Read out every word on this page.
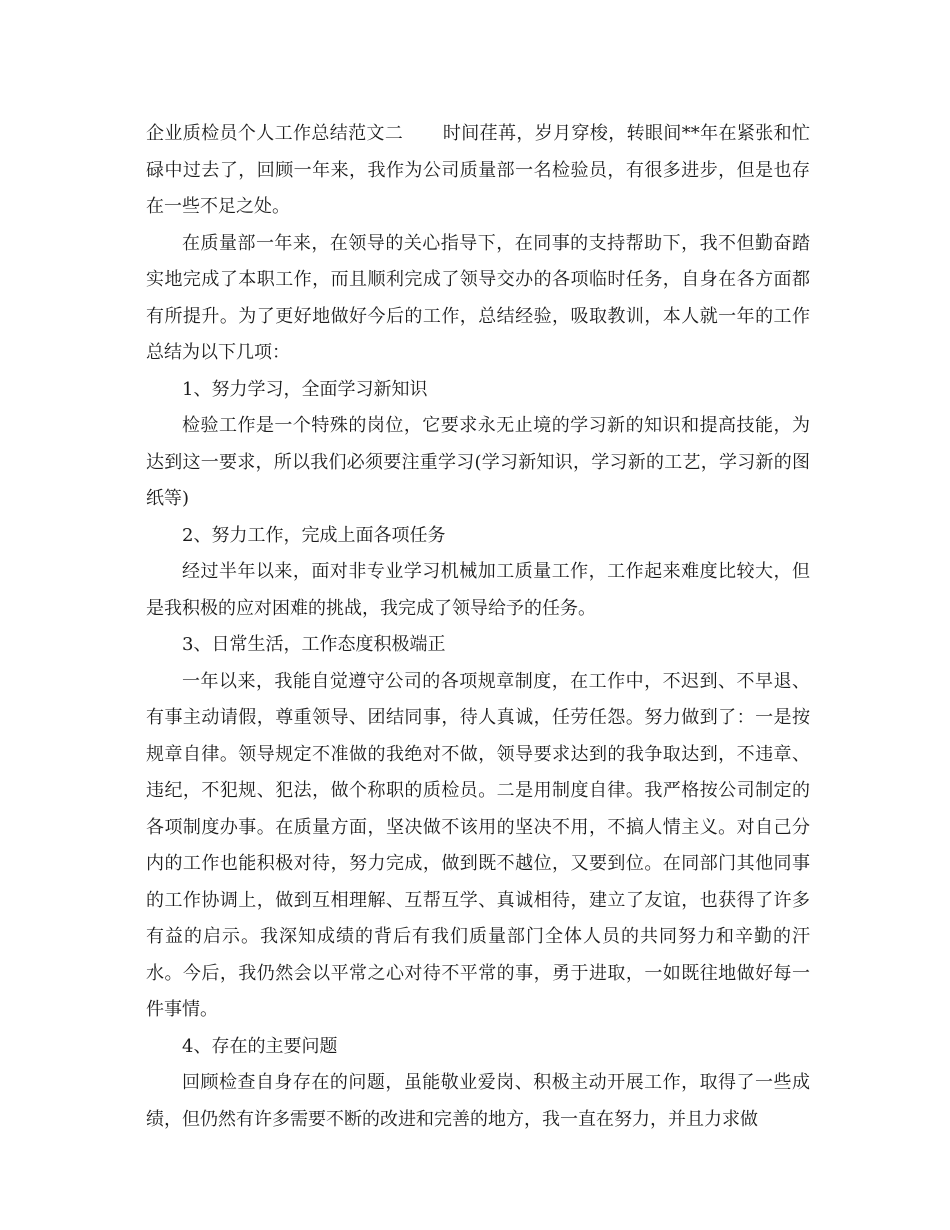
企业质检员个人工作总结范文二 时间荏苒，岁月穿梭，转眼间**年在紧张和忙碌中过去了，回顾一年来，我作为公司质量部一名检验员，有很多进步，但是也存在一些不足之处。

在质量部一年来，在领导的关心指导下，在同事的支持帮助下，我不但勤奋踏实地完成了本职工作，而且顺利完成了领导交办的各项临时任务，自身在各方面都有所提升。为了更好地做好今后的工作，总结经验，吸取教训，本人就一年的工作总结为以下几项：

1、努力学习，全面学习新知识

检验工作是一个特殊的岗位，它要求永无止境的学习新的知识和提高技能，为达到这一要求，所以我们必须要注重学习(学习新知识，学习新的工艺，学习新的图纸等)

2、努力工作，完成上面各项任务

经过半年以来，面对非专业学习机械加工质量工作，工作起来难度比较大，但是我积极的应对困难的挑战，我完成了领导给予的任务。

3、日常生活，工作态度积极端正

一年以来，我能自觉遵守公司的各项规章制度，在工作中，不迟到、不早退、有事主动请假，尊重领导、团结同事，待人真诚，任劳任怨。努力做到了：一是按规章自律。领导规定不准做的我绝对不做，领导要求达到的我争取达到，不违章、违纪，不犯规、犯法，做个称职的质检员。二是用制度自律。我严格按公司制定的各项制度办事。在质量方面，坚决做不该用的坚决不用，不搞人情主义。对自己分内的工作也能积极对待，努力完成，做到既不越位，又要到位。在同部门其他同事的工作协调上，做到互相理解、互帮互学、真诚相待，建立了友谊，也获得了许多有益的启示。我深知成绩的背后有我们质量部门全体人员的共同努力和辛勤的汗水。今后，我仍然会以平常之心对待不平常的事，勇于进取，一如既往地做好每一件事情。

4、存在的主要问题

回顾检查自身存在的问题，虽能敬业爱岗、积极主动开展工作，取得了一些成绩，但仍然有许多需要不断的改进和完善的地方，我一直在努力，并且力求做
